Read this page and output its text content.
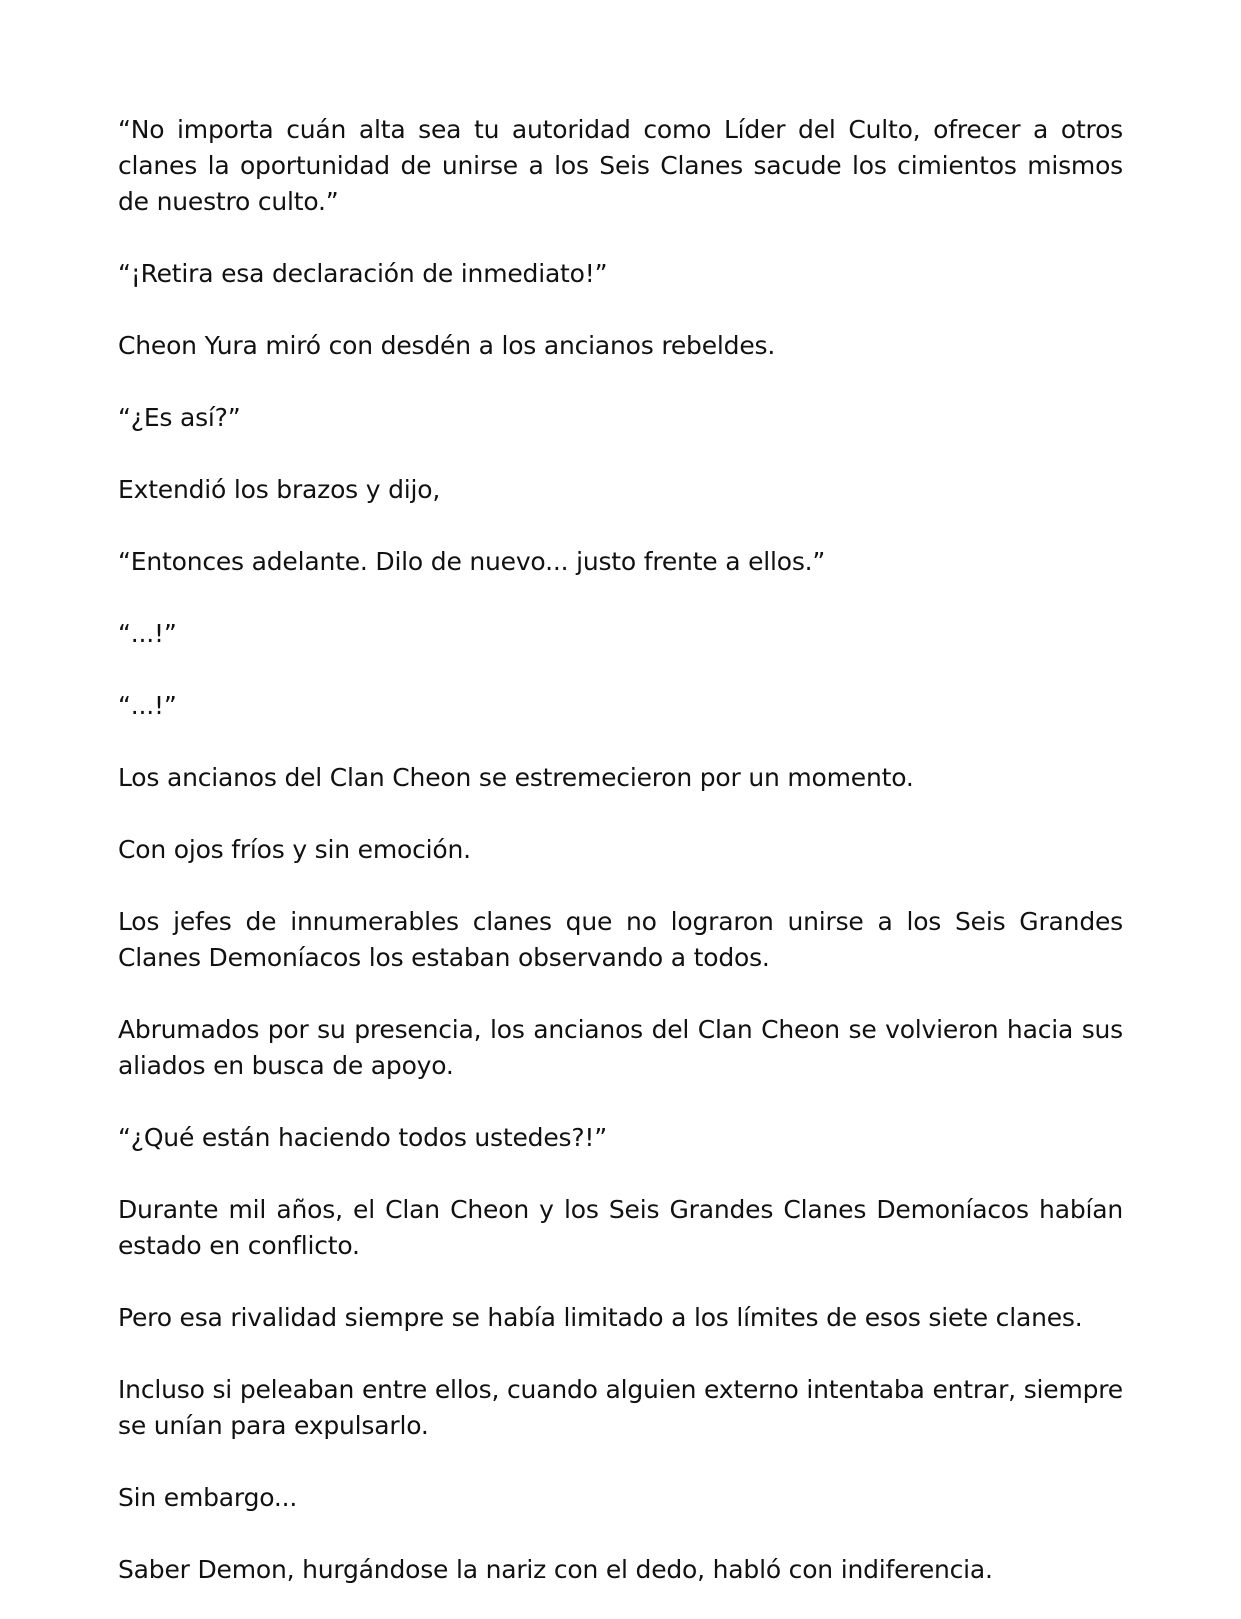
“No importa cuán alta sea tu autoridad como Líder del Culto, ofrecer a otros clanes la oportunidad de unirse a los Seis Clanes sacude los cimientos mismos de nuestro culto.”

“¡Retira esa declaración de inmediato!”

Cheon Yura miró con desdén a los ancianos rebeldes.

“¿Es así?”

Extendió los brazos y dijo,

“Entonces adelante. Dilo de nuevo... justo frente a ellos.”

“...!”

“...!”

Los ancianos del Clan Cheon se estremecieron por un momento.

Con ojos fríos y sin emoción.

Los jefes de innumerables clanes que no lograron unirse a los Seis Grandes Clanes Demoníacos los estaban observando a todos.

Abrumados por su presencia, los ancianos del Clan Cheon se volvieron hacia sus aliados en busca de apoyo.

“¿Qué están haciendo todos ustedes?!”

Durante mil años, el Clan Cheon y los Seis Grandes Clanes Demoníacos habían estado en conflicto.

Pero esa rivalidad siempre se había limitado a los límites de esos siete clanes.

Incluso si peleaban entre ellos, cuando alguien externo intentaba entrar, siempre se unían para expulsarlo.

Sin embargo...

Saber Demon, hurgándose la nariz con el dedo, habló con indiferencia.
